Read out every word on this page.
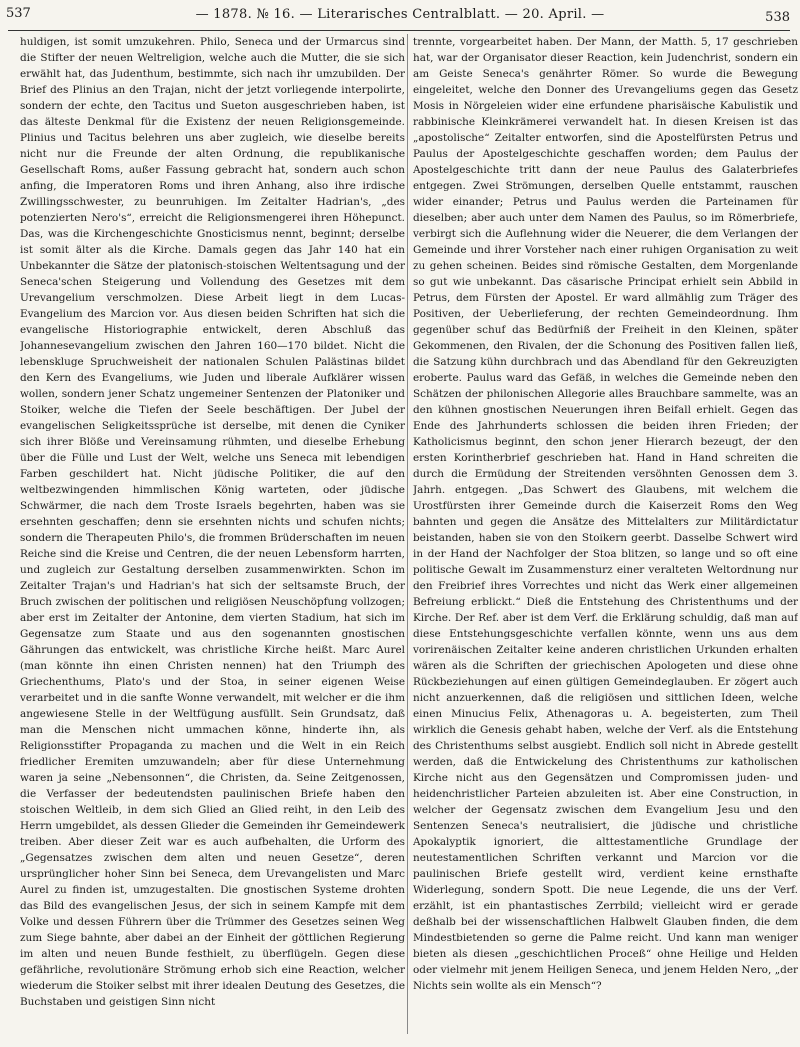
537	— 1878. № 16. — Literarisches Centralblatt. — 20. April. —	538

huldigen, ist somit umzukehren. Philo, Seneca und der Urmarcus sind die Stifter der neuen Weltreligion, welche auch die Mutter, die sie sich erwählt hat, das Judenthum, bestimmte, sich nach ihr umzubilden. Der Brief des Plinius an den Trajan, nicht der jetzt vorliegende interpolirte, sondern der echte, den Tacitus und Sueton ausgeschrieben haben, ist das älteste Denkmal für die Existenz der neuen Religionsgemeinde. Plinius und Tacitus belehren uns aber zugleich, wie dieselbe bereits nicht nur die Freunde der alten Ordnung, die republikanische Gesellschaft Roms, außer Fassung gebracht hat, sondern auch schon anfing, die Imperatoren Roms und ihren Anhang, also ihre irdische Zwillingsschwester, zu beunruhigen. Im Zeitalter Hadrian's, „des potenzierten Nero's“, erreicht die Religionsmengerei ihren Höhepunct. Das, was die Kirchengeschichte Gnosticismus nennt, beginnt; derselbe ist somit älter als die Kirche. Damals gegen das Jahr 140 hat ein Unbekannter die Sätze der platonisch-stoischen Weltentsagung und der Seneca'schen Steigerung und Vollendung des Gesetzes mit dem Urevangelium verschmolzen. Diese Arbeit liegt in dem Lucas-Evangelium des Marcion vor. Aus diesen beiden Schriften hat sich die evangelische Historiographie entwickelt, deren Abschluß das Johannesevangelium zwischen den Jahren 160—170 bildet. Nicht die lebenskluge Spruchweisheit der nationalen Schulen Palästinas bildet den Kern des Evangeliums, wie Juden und liberale Aufklärer wissen wollen, sondern jener Schatz ungemeiner Sentenzen der Platoniker und Stoiker, welche die Tiefen der Seele beschäftigen. Der Jubel der evangelischen Seligkeitssprüche ist derselbe, mit denen die Cyniker sich ihrer Blöße und Vereinsamung rühmten, und dieselbe Erhebung über die Fülle und Lust der Welt, welche uns Seneca mit lebendigen Farben geschildert hat. Nicht jüdische Politiker, die auf den weltbezwingenden himmlischen König warteten, oder jüdische Schwärmer, die nach dem Troste Israels begehrten, haben was sie ersehnten geschaffen; denn sie ersehnten nichts und schufen nichts; sondern die Therapeuten Philo's, die frommen Brüderschaften im neuen Reiche sind die Kreise und Centren, die der neuen Lebensform harrten, und zugleich zur Gestaltung derselben zusammenwirkten. Schon im Zeitalter Trajan's und Hadrian's hat sich der seltsamste Bruch, der Bruch zwischen der politischen und religiösen Neuschöpfung vollzogen; aber erst im Zeitalter der Antonine, dem vierten Stadium, hat sich im Gegensatze zum Staate und aus den sogenannten gnostischen Gährungen das entwickelt, was christliche Kirche heißt. Marc Aurel (man könnte ihn einen Christen nennen) hat den Triumph des Griechenthums, Plato's und der Stoa, in seiner eigenen Weise verarbeitet und in die sanfte Wonne verwandelt, mit welcher er die ihm angewiesene Stelle in der Weltfügung ausfüllt. Sein Grundsatz, daß man die Menschen nicht ummachen könne, hinderte ihn, als Religionsstifter Propaganda zu machen und die Welt in ein Reich friedlicher Eremiten umzuwandeln; aber für diese Unternehmung waren ja seine „Nebensonnen“, die Christen, da. Seine Zeitgenossen, die Verfasser der bedeutendsten paulinischen Briefe haben den stoischen Weltleib, in dem sich Glied an Glied reiht, in den Leib des Herrn umgebildet, als dessen Glieder die Gemeinden ihr Gemeindewerk treiben. Aber dieser Zeit war es auch aufbehalten, die Urform des „Gegensatzes zwischen dem alten und neuen Gesetze“, deren ursprünglicher hoher Sinn bei Seneca, dem Urevangelisten und Marc Aurel zu finden ist, umzugestalten. Die gnostischen Systeme drohten das Bild des evangelischen Jesus, der sich in seinem Kampfe mit dem Volke und dessen Führern über die Trümmer des Gesetzes seinen Weg zum Siege bahnte, aber dabei an der Einheit der göttlichen Regierung im alten und neuen Bunde festhielt, zu überflügeln. Gegen diese gefährliche, revolutionäre Strömung erhob sich eine Reaction, welcher wiederum die Stoiker selbst mit ihrer idealen Deutung des Gesetzes, die Buchstaben und geistigen Sinn nicht

trennte, vorgearbeitet haben. Der Mann, der Matth. 5, 17 geschrieben hat, war der Organisator dieser Reaction, kein Judenchrist, sondern ein am Geiste Seneca's genährter Römer. So wurde die Bewegung eingeleitet, welche den Donner des Urevangeliums gegen das Gesetz Mosis in Nörgeleien wider eine erfundene pharisäische Kabulistik und rabbinische Kleinkrämerei verwandelt hat. In diesen Kreisen ist das „apostolische“ Zeitalter entworfen, sind die Apostelfürsten Petrus und Paulus der Apostelgeschichte geschaffen worden; dem Paulus der Apostelgeschichte tritt dann der neue Paulus des Galaterbriefes entgegen. Zwei Strömungen, derselben Quelle entstammt, rauschen wider einander; Petrus und Paulus werden die Parteinamen für dieselben; aber auch unter dem Namen des Paulus, so im Römerbriefe, verbirgt sich die Auflehnung wider die Neuerer, die dem Verlangen der Gemeinde und ihrer Vorsteher nach einer ruhigen Organisation zu weit zu gehen scheinen. Beides sind römische Gestalten, dem Morgenlande so gut wie unbekannt. Das cäsarische Principat erhielt sein Abbild in Petrus, dem Fürsten der Apostel. Er ward allmählig zum Träger des Positiven, der Ueberlieferung, der rechten Gemeindeordnung. Ihm gegenüber schuf das Bedürfniß der Freiheit in den Kleinen, später Gekommenen, den Rivalen, der die Schonung des Positiven fallen ließ, die Satzung kühn durchbrach und das Abendland für den Gekreuzigten eroberte. Paulus ward das Gefäß, in welches die Gemeinde neben den Schätzen der philonischen Allegorie alles Brauchbare sammelte, was an den kühnen gnostischen Neuerungen ihren Beifall erhielt. Gegen das Ende des Jahrhunderts schlossen die beiden ihren Frieden; der Katholicismus beginnt, den schon jener Hierarch bezeugt, der den ersten Korintherbrief geschrieben hat. Hand in Hand schreiten die durch die Ermüdung der Streitenden versöhnten Genossen dem 3. Jahrh. entgegen. „Das Schwert des Glaubens, mit welchem die Urostfürsten ihrer Gemeinde durch die Kaiserzeit Roms den Weg bahnten und gegen die Ansätze des Mittelalters zur Militärdictatur beistanden, haben sie von den Stoikern geerbt. Dasselbe Schwert wird in der Hand der Nachfolger der Stoa blitzen, so lange und so oft eine politische Gewalt im Zusammensturz einer veralteten Weltordnung nur den Freibrief ihres Vorrechtes und nicht das Werk einer allgemeinen Befreiung erblickt.“ Dieß die Entstehung des Christenthums und der Kirche. Der Ref. aber ist dem Verf. die Erklärung schuldig, daß man auf diese Entstehungsgeschichte verfallen könnte, wenn uns aus dem vorirenäischen Zeitalter keine anderen christlichen Urkunden erhalten wären als die Schriften der griechischen Apologeten und diese ohne Rückbeziehungen auf einen gültigen Gemeindeglauben. Er zögert auch nicht anzuerkennen, daß die religiösen und sittlichen Ideen, welche einen Minucius Felix, Athenagoras u. A. begeisterten, zum Theil wirklich die Genesis gehabt haben, welche der Verf. als die Entstehung des Christenthums selbst ausgiebt. Endlich soll nicht in Abrede gestellt werden, daß die Entwickelung des Christenthums zur katholischen Kirche nicht aus den Gegensätzen und Compromissen juden- und heidenchristlicher Parteien abzuleiten ist. Aber eine Construction, in welcher der Gegensatz zwischen dem Evangelium Jesu und den Sentenzen Seneca's neutralisiert, die jüdische und christliche Apokalyptik ignoriert, die alttestamentliche Grundlage der neutestamentlichen Schriften verkannt und Marcion vor die paulinischen Briefe gestellt wird, verdient keine ernsthafte Widerlegung, sondern Spott. Die neue Legende, die uns der Verf. erzählt, ist ein phantastisches Zerrbild; vielleicht wird er gerade deßhalb bei der wissenschaftlichen Halbwelt Glauben finden, die dem Mindestbietenden so gerne die Palme reicht. Und kann man weniger bieten als diesen „geschichtlichen Proceß“ ohne Heilige und Helden oder vielmehr mit jenem Heiligen Seneca, und jenem Helden Nero, „der Nichts sein wollte als ein Mensch“?
